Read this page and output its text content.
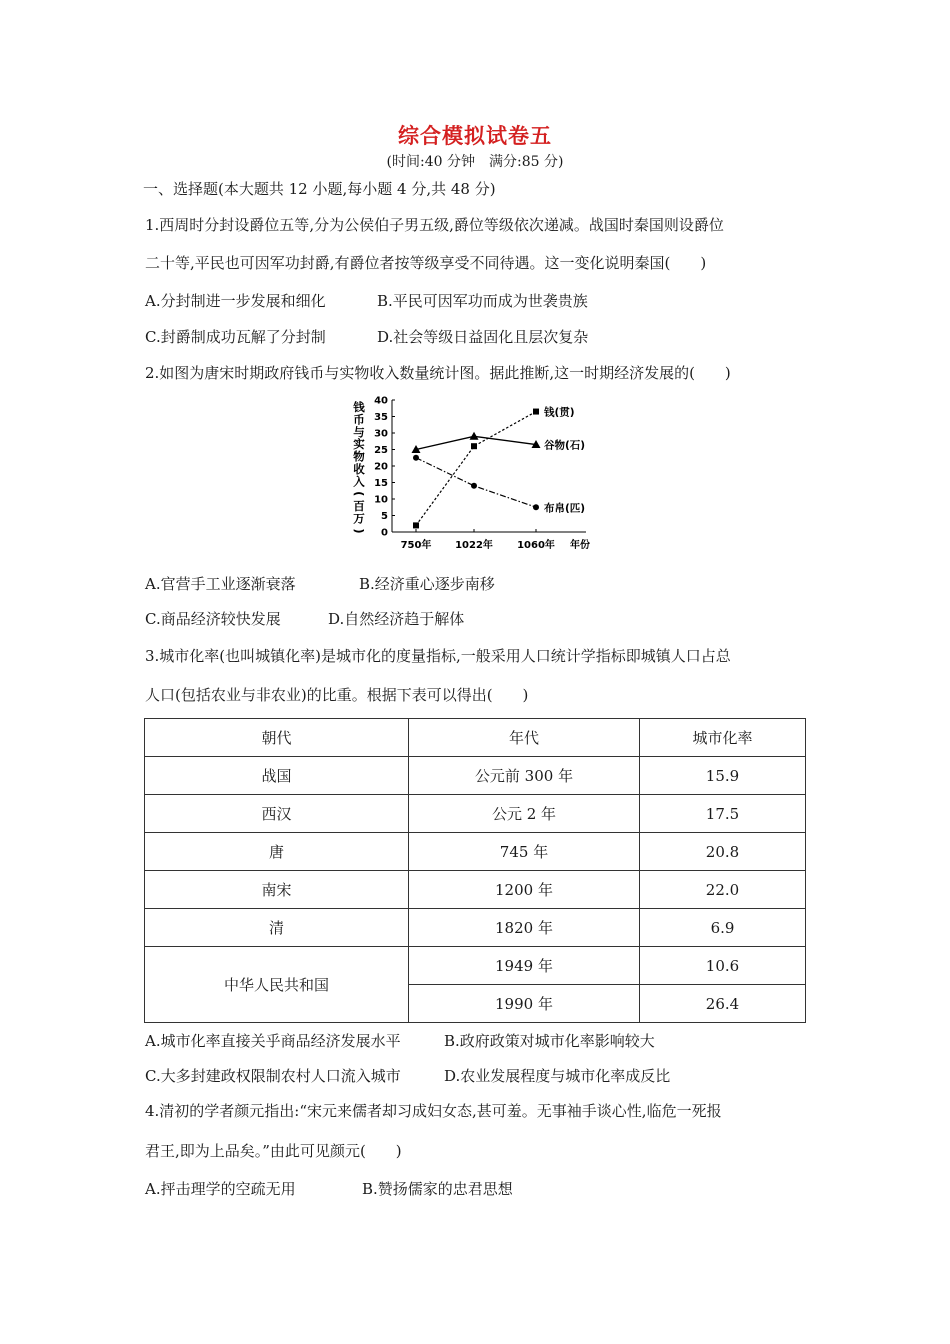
综合模拟试卷五
(时间:40 分钟　满分:85 分)
一、选择题(本大题共 12 小题,每小题 4 分,共 48 分)
1.西周时分封设爵位五等,分为公侯伯子男五级,爵位等级依次递减。战国时秦国则设爵位
二十等,平民也可因军功封爵,有爵位者按等级享受不同待遇。这一变化说明秦国(　　)
A.分封制进一步发展和细化	B.平民可因军功而成为世袭贵族
C.封爵制成功瓦解了分封制	D.社会等级日益固化且层次复杂
2.如图为唐宋时期政府钱币与实物收入数量统计图。据此推断,这一时期经济发展的(　　)
钱
币
与
实
物
收
入
(
百
万
) 0
5
10
15
20
25
30
35
40
钱(贯)
谷物(石)
布帛(匹)
750年 1022年 1060年 年份
A.官营手工业逐渐衰落	B.经济重心逐步南移
C.商品经济较快发展	D.自然经济趋于解体
3.城市化率(也叫城镇化率)是城市化的度量指标,一般采用人口统计学指标即城镇人口占总
人口(包括农业与非农业)的比重。根据下表可以得出(　　)
朝代	年代	城市化率
战国	公元前 300 年	15.9
西汉	公元 2 年	17.5
唐	745 年	20.8
南宋	1200 年	22.0
清	1820 年	6.9
中华人民共和国	1949 年	10.6
	1990 年	26.4
A.城市化率直接关乎商品经济发展水平	B.政府政策对城市化率影响较大
C.大多封建政权限制农村人口流入城市	D.农业发展程度与城市化率成反比
4.清初的学者颜元指出:“宋元来儒者却习成妇女态,甚可羞。无事袖手谈心性,临危一死报
君王,即为上品矣。”由此可见颜元(　　)
A.抨击理学的空疏无用	B.赞扬儒家的忠君思想
